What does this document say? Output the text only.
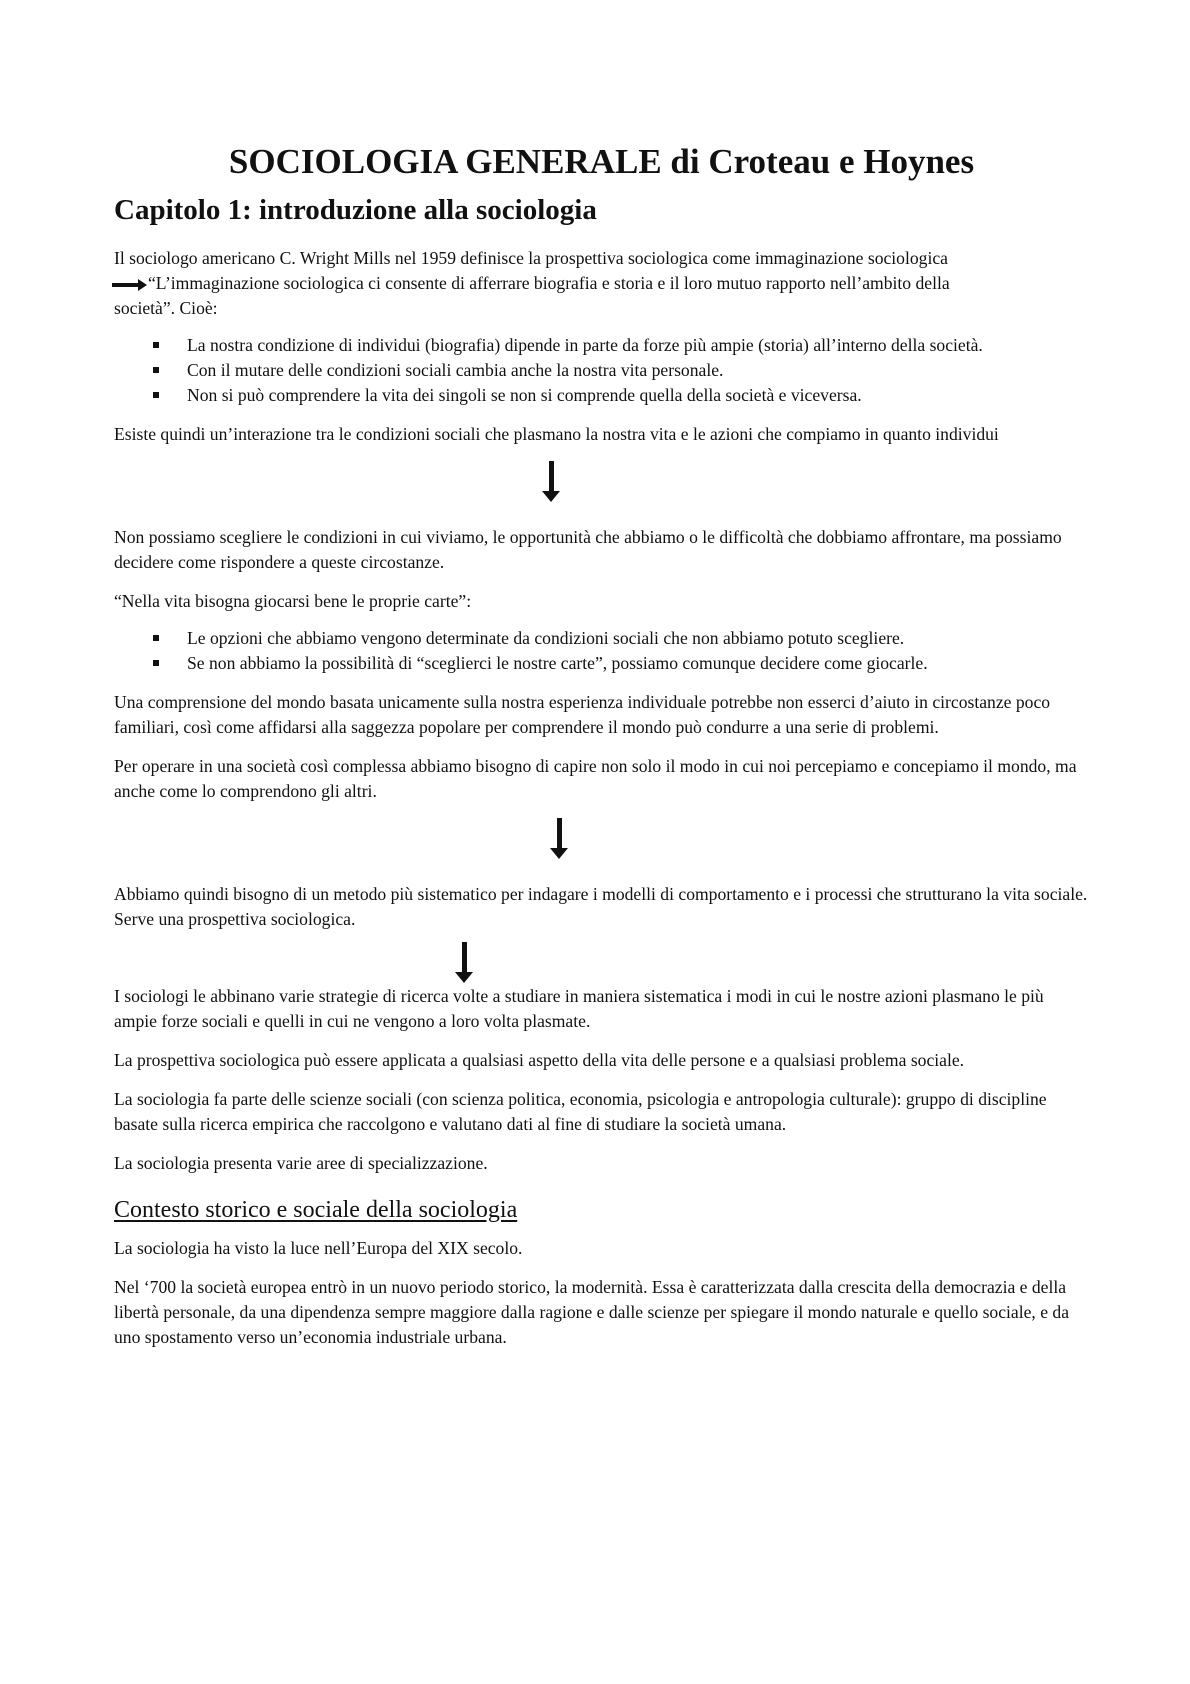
SOCIOLOGIA GENERALE di Croteau e Hoynes
Capitolo 1: introduzione alla sociologia

Il sociologo americano C. Wright Mills nel 1959 definisce la prospettiva sociologica come immaginazione sociologica

“L’immaginazione sociologica ci consente di afferrare biografia e storia e il loro mutuo rapporto nell’ambito della

società”. Cioè:

La nostra condizione di individui (biografia) dipende in parte da forze più ampie (storia) all’interno della società.
Con il mutare delle condizioni sociali cambia anche la nostra vita personale.
Non si può comprendere la vita dei singoli se non si comprende quella della società e viceversa.

Esiste quindi un’interazione tra le condizioni sociali che plasmano la nostra vita e le azioni che compiamo in quanto individui

Non possiamo scegliere le condizioni in cui viviamo, le opportunità che abbiamo o le difficoltà che dobbiamo affrontare, ma possiamo decidere come rispondere a queste circostanze.

“Nella vita bisogna giocarsi bene le proprie carte”:

Le opzioni che abbiamo vengono determinate da condizioni sociali che non abbiamo potuto scegliere.
Se non abbiamo la possibilità di “sceglierci le nostre carte”, possiamo comunque decidere come giocarle.

Una comprensione del mondo basata unicamente sulla nostra esperienza individuale potrebbe non esserci d’aiuto in circostanze poco familiari, così come affidarsi alla saggezza popolare per comprendere il mondo può condurre a una serie di problemi.

Per operare in una società così complessa abbiamo bisogno di capire non solo il modo in cui noi percepiamo e concepiamo il mondo, ma anche come lo comprendono gli altri.

Abbiamo quindi bisogno di un metodo più sistematico per indagare i modelli di comportamento e i processi che strutturano la vita sociale. Serve una prospettiva sociologica.

I sociologi le abbinano varie strategie di ricerca volte a studiare in maniera sistematica i modi in cui le nostre azioni plasmano le più ampie forze sociali e quelli in cui ne vengono a loro volta plasmate.

La prospettiva sociologica può essere applicata a qualsiasi aspetto della vita delle persone e a qualsiasi problema sociale.

La sociologia fa parte delle scienze sociali (con scienza politica, economia, psicologia e antropologia culturale): gruppo di discipline basate sulla ricerca empirica che raccolgono e valutano dati al fine di studiare la società umana.

La sociologia presenta varie aree di specializzazione.

Contesto storico e sociale della sociologia

La sociologia ha visto la luce nell’Europa del XIX secolo.

Nel ‘700 la società europea entrò in un nuovo periodo storico, la modernità. Essa è caratterizzata dalla crescita della democrazia e della libertà personale, da una dipendenza sempre maggiore dalla ragione e dalle scienze per spiegare il mondo naturale e quello sociale, e da uno spostamento verso un’economia industriale urbana.
